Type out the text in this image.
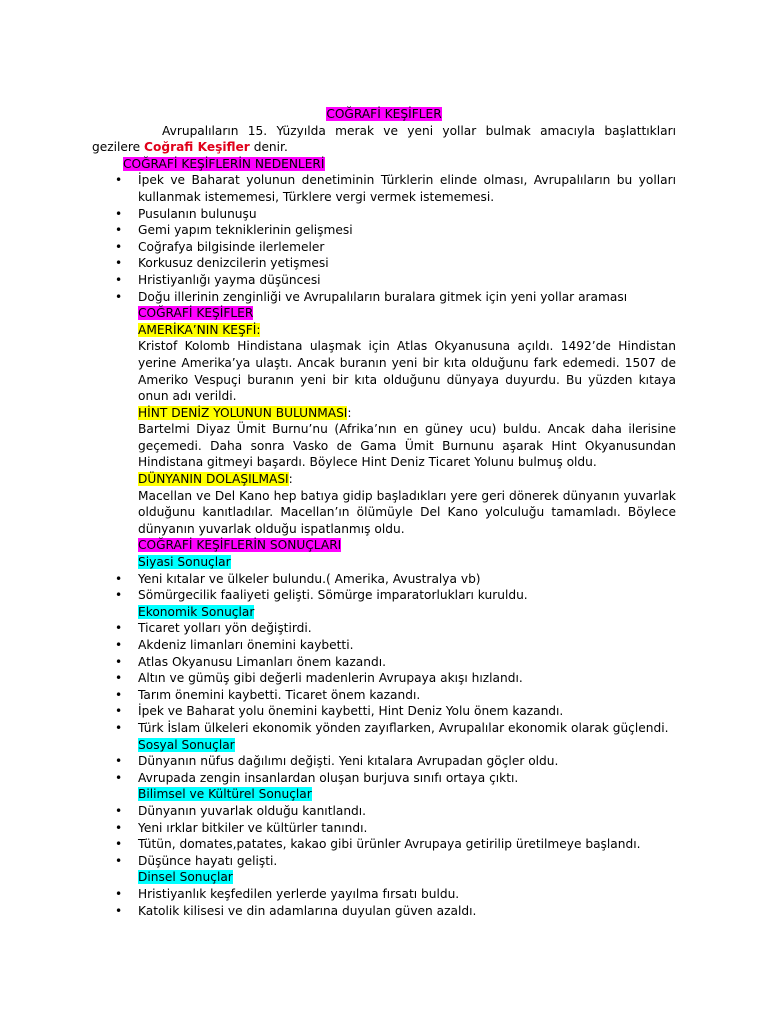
COĞRAFİ KEŞİFLER

Avrupalıların 15. Yüzyılda merak ve yeni yollar bulmak amacıyla başlattıkları gezilere Coğrafi Keşifler denir.

COĞRAFİ KEŞİFLERİN NEDENLERİ

• İpek ve Baharat yolunun denetiminin Türklerin elinde olması, Avrupalıların bu yolları kullanmak istememesi, Türklere vergi vermek istememesi.
• Pusulanın bulunuşu
• Gemi yapım tekniklerinin gelişmesi
• Coğrafya bilgisinde ilerlemeler
• Korkusuz denizcilerin yetişmesi
• Hristiyanlığı yayma düşüncesi
• Doğu illerinin zenginliği ve Avrupalıların buralara gitmek için yeni yollar araması

COĞRAFİ KEŞİFLER

AMERİKA’NIN KEŞFİ:

Kristof Kolomb Hindistana ulaşmak için Atlas Okyanusuna açıldı. 1492’de Hindistan yerine Amerika’ya ulaştı. Ancak buranın yeni bir kıta olduğunu fark edemedi. 1507 de Ameriko Vespuçi buranın yeni bir kıta olduğunu dünyaya duyurdu. Bu yüzden kıtaya onun adı verildi.

HİNT DENİZ YOLUNUN BULUNMASI:

Bartelmi Diyaz Ümit Burnu’nu (Afrika’nın en güney ucu) buldu. Ancak daha ilerisine geçemedi. Daha sonra Vasko de Gama Ümit Burnunu aşarak Hint Okyanusundan Hindistana gitmeyi başardı. Böylece Hint Deniz Ticaret Yolunu bulmuş oldu.

DÜNYANIN DOLAŞILMASI:

Macellan ve Del Kano hep batıya gidip başladıkları yere geri dönerek dünyanın yuvarlak olduğunu kanıtladılar. Macellan’ın ölümüyle Del Kano yolculuğu tamamladı. Böylece dünyanın yuvarlak olduğu ispatlanmış oldu.

COĞRAFİ KEŞİFLERİN SONUÇLARI

Siyasi Sonuçlar

• Yeni kıtalar ve ülkeler bulundu.( Amerika, Avustralya vb)
• Sömürgecilik faaliyeti gelişti. Sömürge imparatorlukları kuruldu.

Ekonomik Sonuçlar

• Ticaret yolları yön değiştirdi.
• Akdeniz limanları önemini kaybetti.
• Atlas Okyanusu Limanları önem kazandı.
• Altın ve gümüş gibi değerli madenlerin Avrupaya akışı hızlandı.
• Tarım önemini kaybetti. Ticaret önem kazandı.
• İpek ve Baharat yolu önemini kaybetti, Hint Deniz Yolu önem kazandı.
• Türk İslam ülkeleri ekonomik yönden zayıflarken, Avrupalılar ekonomik olarak güçlendi.

Sosyal Sonuçlar

• Dünyanın nüfus dağılımı değişti. Yeni kıtalara Avrupadan göçler oldu.
• Avrupada zengin insanlardan oluşan burjuva sınıfı ortaya çıktı.

Bilimsel ve Kültürel Sonuçlar

• Dünyanın yuvarlak olduğu kanıtlandı.
• Yeni ırklar bitkiler ve kültürler tanındı.
• Tütün, domates,patates, kakao gibi ürünler Avrupaya getirilip üretilmeye başlandı.
• Düşünce hayatı gelişti.

Dinsel Sonuçlar

• Hristiyanlık keşfedilen yerlerde yayılma fırsatı buldu.
• Katolik kilisesi ve din adamlarına duyulan güven azaldı.
